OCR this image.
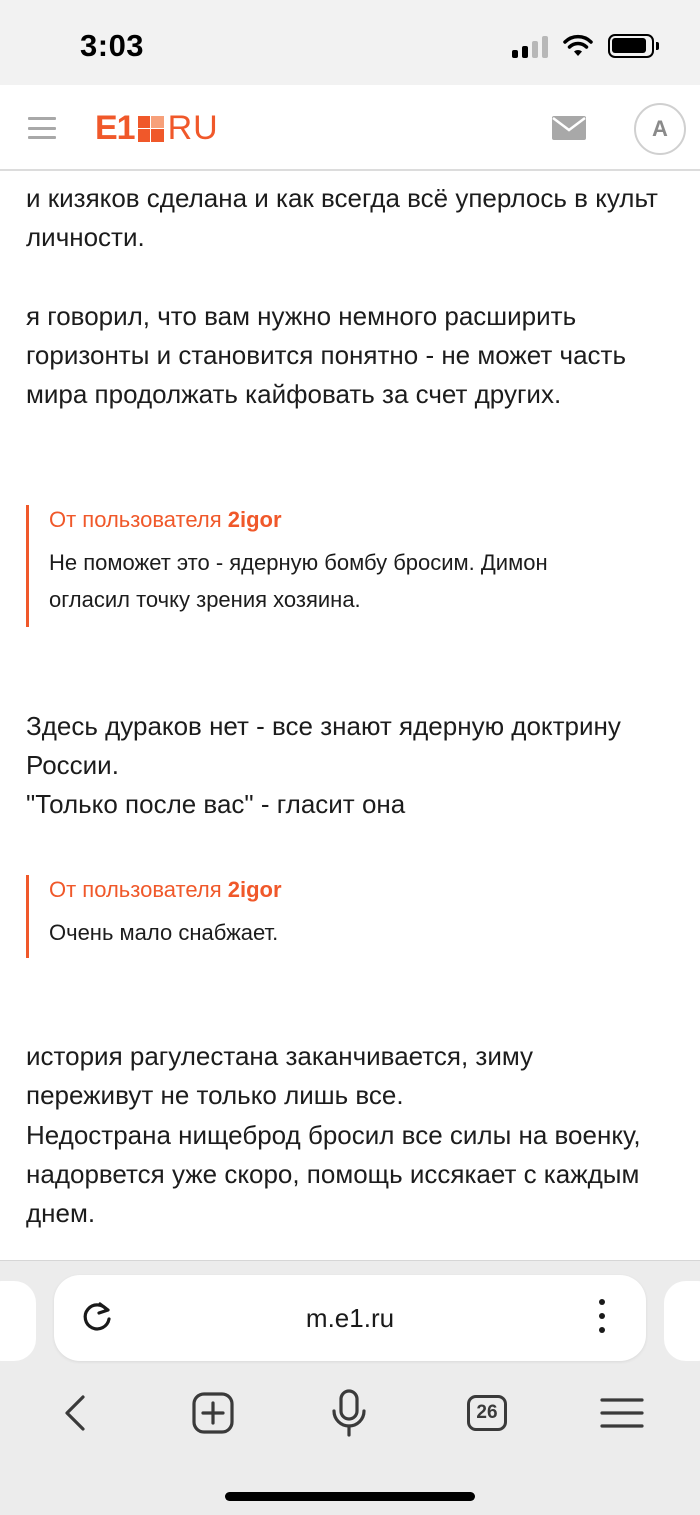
3:03
E1 RU	A

и кизяков сделана и как всегда всё уперлось в культ личности.

я говорил, что вам нужно немного расширить горизонты и становится понятно - не может часть мира продолжать кайфовать за счет других.

От пользователя 2igor
Не поможет это - ядерную бомбу бросим. Димон огласил точку зрения хозяина.

Здесь дураков нет - все знают ядерную доктрину России.

"Только после вас" - гласит она

От пользователя 2igor
Очень мало снабжает.

история рагулестана заканчивается, зиму переживут не только лишь все.

Недострана нищеброд бросил все силы на военку, надорвется уже скоро, помощь иссякает с каждым днем.

m.e1.ru
26
